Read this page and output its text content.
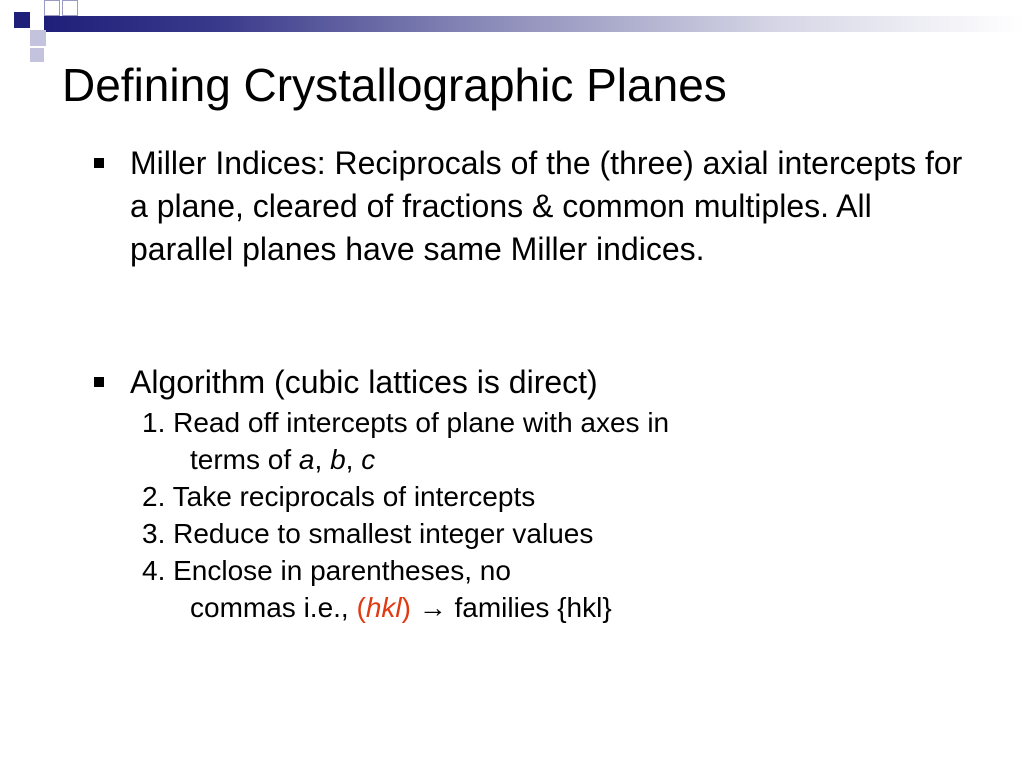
Defining Crystallographic Planes

Miller Indices: Reciprocals of the (three) axial intercepts for a plane, cleared of fractions & common multiples. All parallel planes have same Miller indices.

Algorithm (cubic lattices is direct)

1. Read off intercepts of plane with axes in
terms of a, b, c
2. Take reciprocals of intercepts
3. Reduce to smallest integer values
4. Enclose in parentheses, no
commas i.e., (hkl) → families {hkl}
